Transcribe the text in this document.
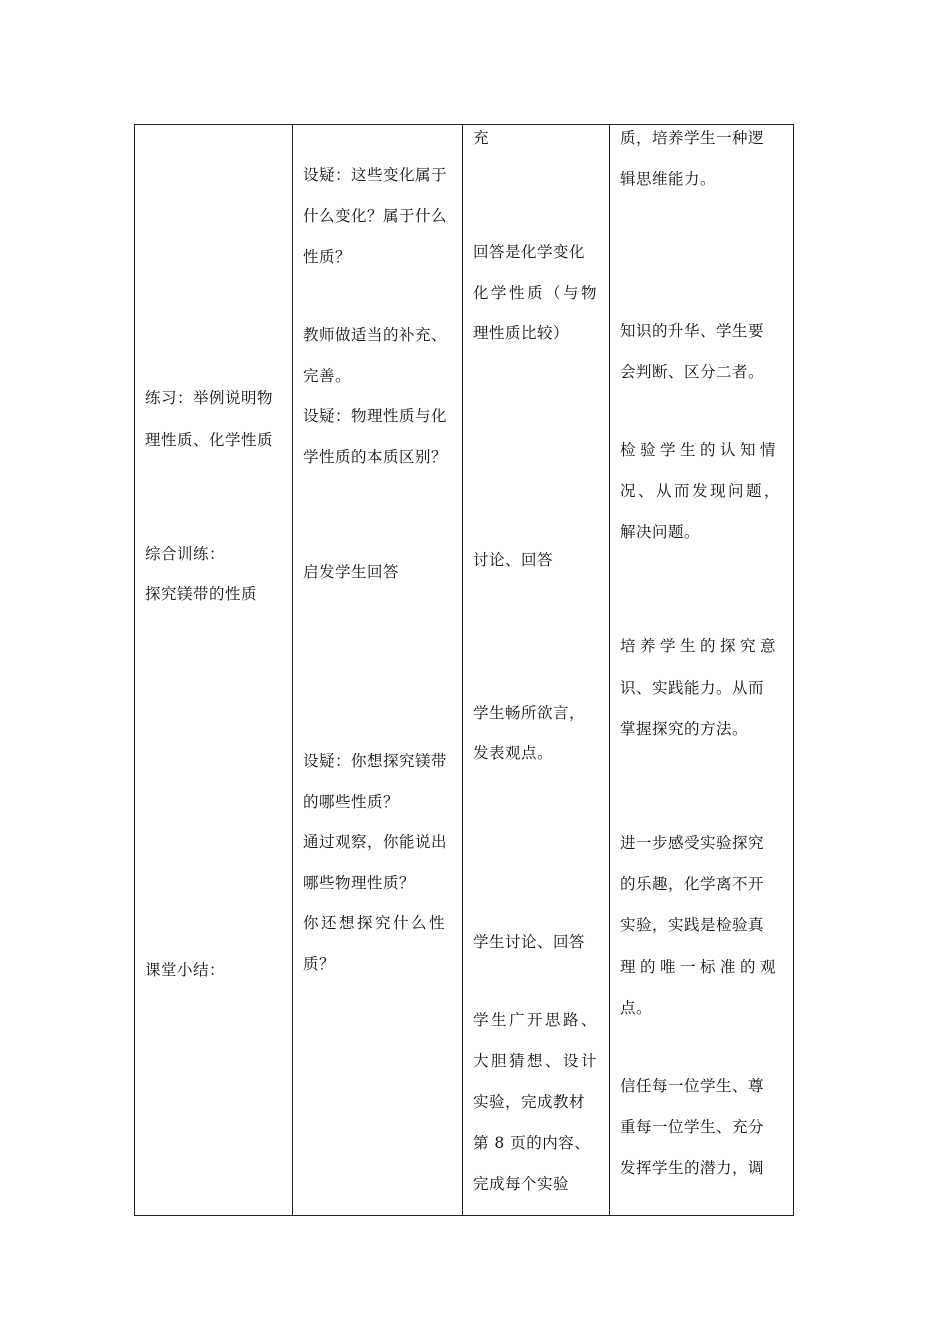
练习：举例说明物
理性质、化学性质
综合训练：
探究镁带的性质
课堂小结：
设疑：这些变化属于
什么变化？属于什么
性质？
教师做适当的补充、
完善。
设疑：物理性质与化
学性质的本质区别？
启发学生回答
设疑：你想探究镁带
的哪些性质？
通过观察，你能说出
哪些物理性质？
你还想探究什么性
质？
充
回答是化学变化
化学性质（与物
理性质比较）
讨论、回答
学生畅所欲言，
发表观点。
学生讨论、回答
学生广开思路、
大胆猜想、设计
实验，完成教材
第 8 页的内容、
完成每个实验
质，培养学生一种逻
辑思维能力。
知识的升华、学生要
会判断、区分二者。
检验学生的认知情
况、从而发现问题，
解决问题。
培养学生的探究意
识、实践能力。从而
掌握探究的方法。
进一步感受实验探究
的乐趣，化学离不开
实验，实践是检验真
理的唯一标准的观
点。
信任每一位学生、尊
重每一位学生、充分
发挥学生的潜力，调
